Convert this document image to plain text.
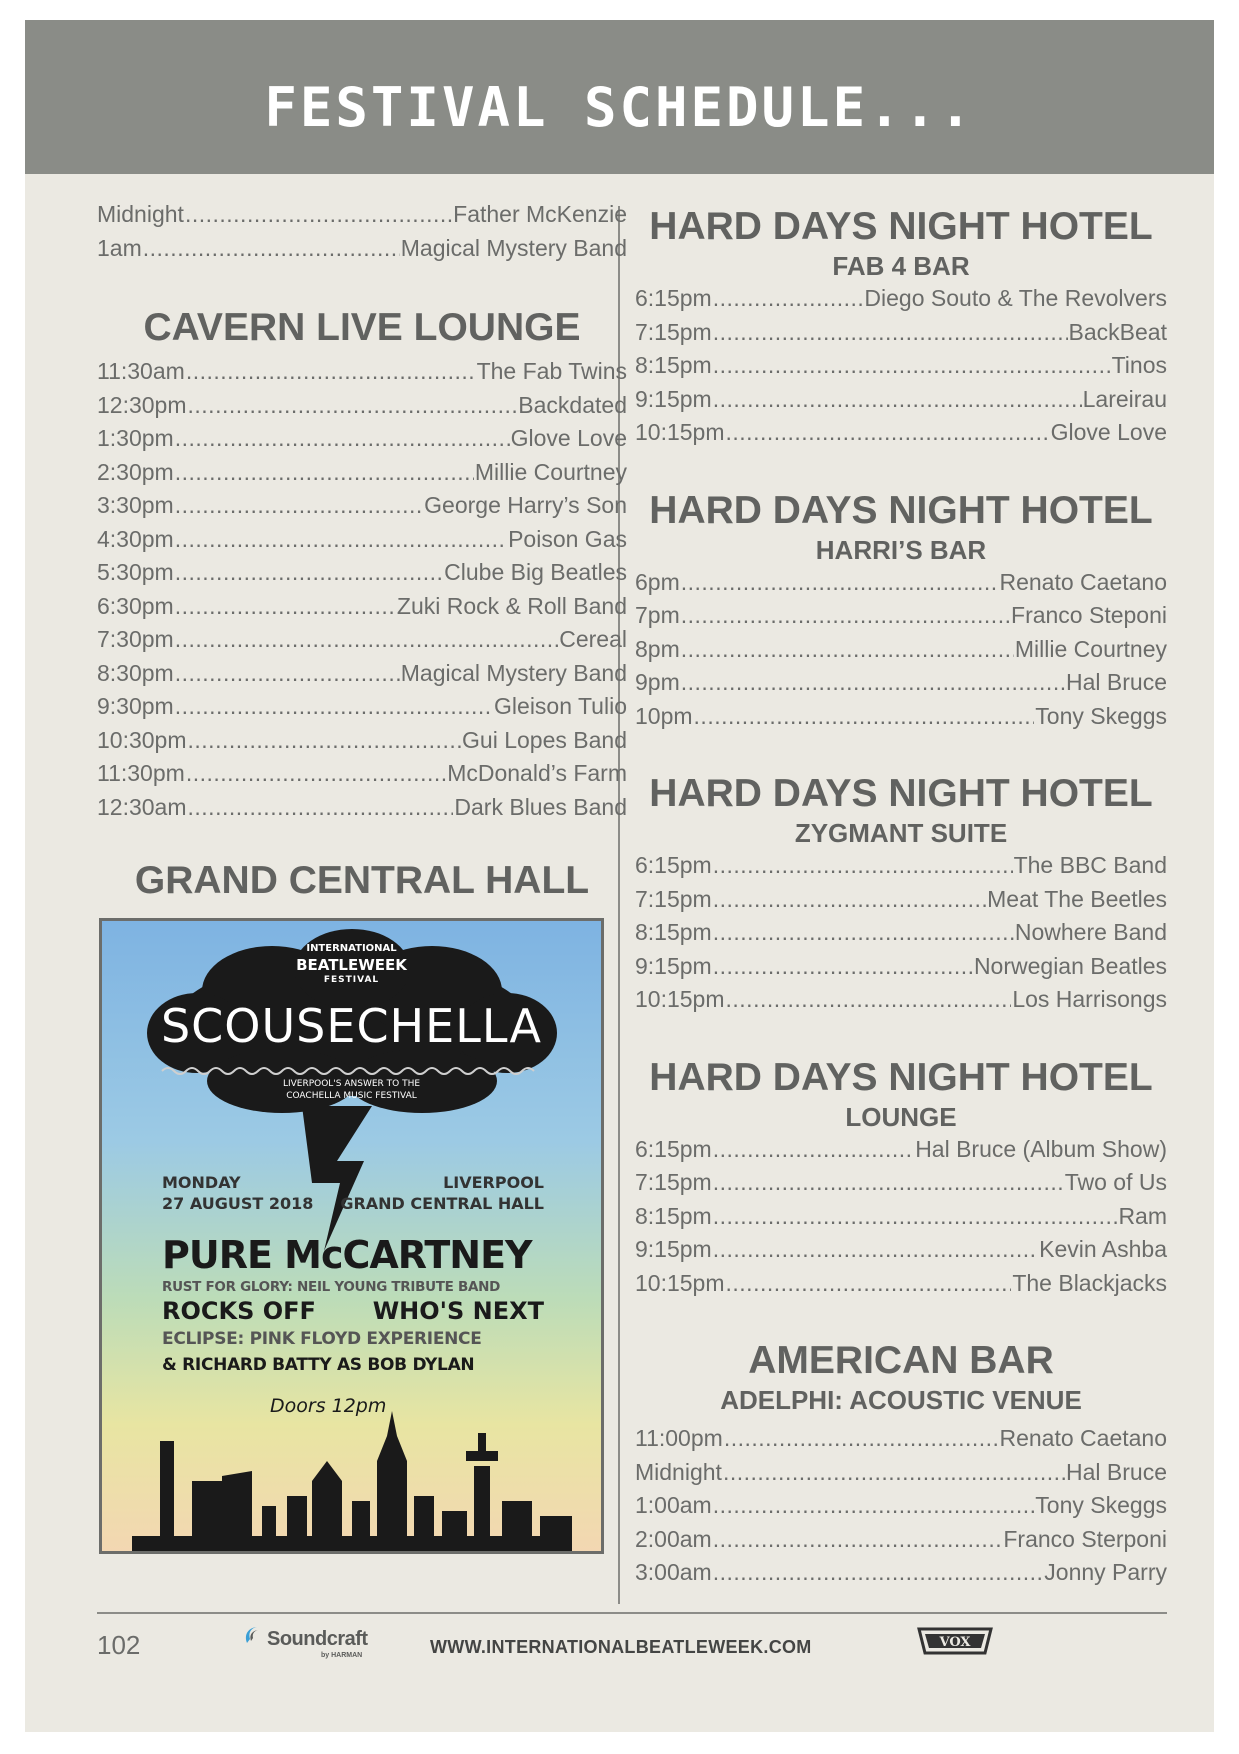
FESTIVAL SCHEDULE...
Midnight .....	Father McKenzie
1am .....	Magical Mystery Band
CAVERN LIVE LOUNGE
11:30am .....	The Fab Twins
12:30pm .....	Backdated
1:30pm .....	Glove Love
2:30pm .....	Millie Courtney
3:30pm .....	George Harry’s Son
4:30pm .....	Poison Gas
5:30pm .....	Clube Big Beatles
6:30pm .....	Zuki Rock & Roll Band
7:30pm .....	Cereal
8:30pm .....	Magical Mystery Band
9:30pm .....	Gleison Tulio
10:30pm .....	Gui Lopes Band
11:30pm .....	McDonald’s Farm
12:30am .....	Dark Blues Band
GRAND CENTRAL HALL
INTERNATIONAL
BEATLEWEEK
FESTIVAL
SCOUSECHELLA
LIVERPOOL'S ANSWER TO THE
COACHELLA MUSIC FESTIVAL
MONDAY
27 AUGUST 2018
LIVERPOOL
GRAND CENTRAL HALL
PURE McCARTNEY
RUST FOR GLORY: NEIL YOUNG TRIBUTE BAND
ROCKS OFF WHO'S NEXT
ECLIPSE: PINK FLOYD EXPERIENCE
& RICHARD BATTY AS BOB DYLAN
Doors 12pm
HARD DAYS NIGHT HOTEL
FAB 4 BAR
6:15pm .....	Diego Souto & The Revolvers
7:15pm .....	BackBeat
8:15pm .....	Tinos
9:15pm .....	Lareirau
10:15pm .....	Glove Love
HARD DAYS NIGHT HOTEL
HARRI’S BAR
6pm .....	Renato Caetano
7pm .....	Franco Steponi
8pm .....	Millie Courtney
9pm .....	Hal Bruce
10pm .....	Tony Skeggs
HARD DAYS NIGHT HOTEL
ZYGMANT SUITE
6:15pm .....	The BBC Band
7:15pm .....	Meat The Beetles
8:15pm .....	Nowhere Band
9:15pm .....	Norwegian Beatles
10:15pm .....	Los Harrisongs
HARD DAYS NIGHT HOTEL
LOUNGE
6:15pm .....	Hal Bruce (Album Show)
7:15pm .....	Two of Us
8:15pm .....	Ram
9:15pm .....	Kevin Ashba
10:15pm .....	The Blackjacks
AMERICAN BAR
ADELPHI: ACOUSTIC VENUE
11:00pm .....	Renato Caetano
Midnight .....	Hal Bruce
1:00am .....	Tony Skeggs
2:00am .....	Franco Sterponi
3:00am .....	Jonny Parry
102	Soundcraft
by HARMAN	WWW.INTERNATIONALBEATLEWEEK.COM	VOX
